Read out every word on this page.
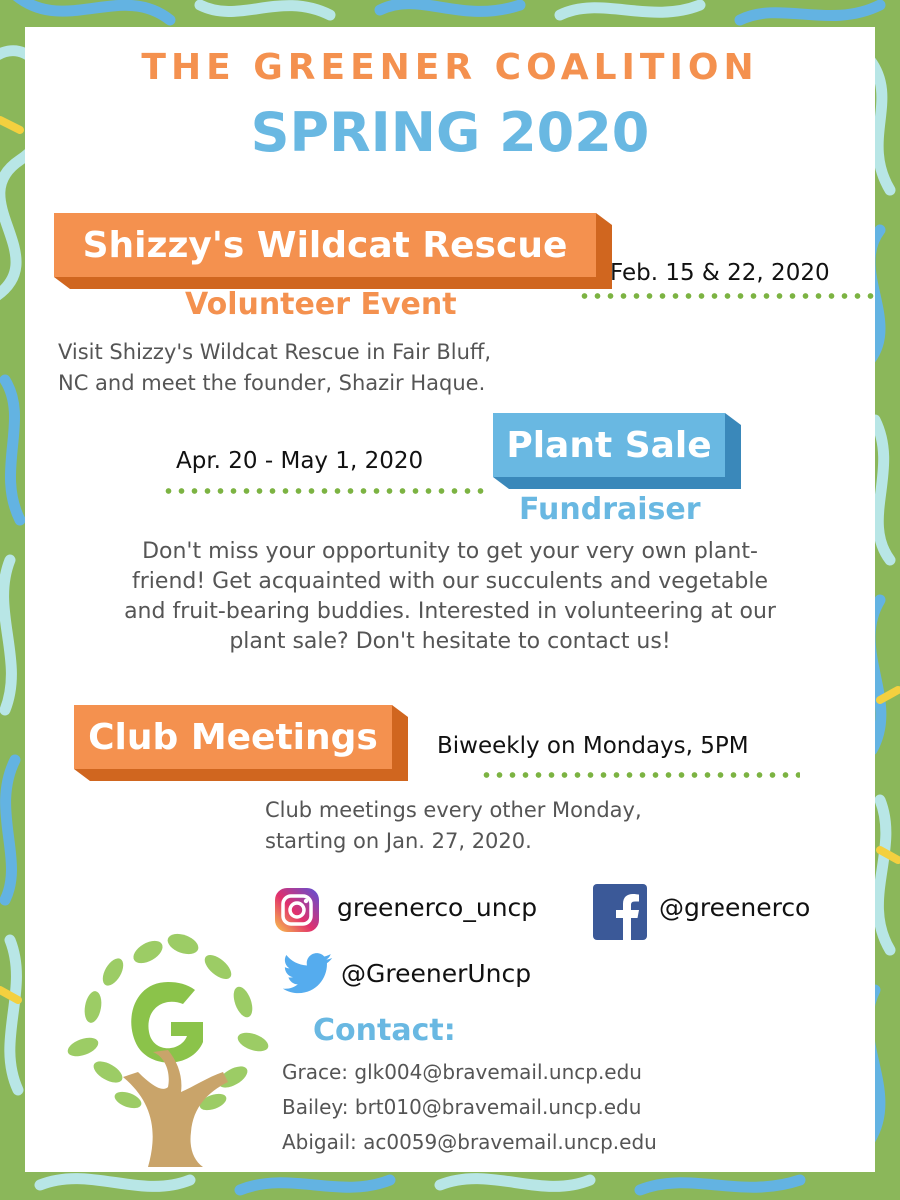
THE GREENER COALITION
SPRING 2020
Shizzy's Wildcat Rescue
Feb. 15 & 22, 2020
Volunteer Event
Visit Shizzy's Wildcat Rescue in Fair Bluff,
NC and meet the founder, Shazir Haque.
Apr. 20 - May 1, 2020	Plant Sale
Fundraiser
Don't miss your opportunity to get your very own plant-
friend! Get acquainted with our succulents and vegetable
and fruit-bearing buddies. Interested in volunteering at our
plant sale? Don't hesitate to contact us!
Club Meetings	Biweekly on Mondays, 5PM
Club meetings every other Monday,
starting on Jan. 27, 2020.
greenerco_uncp	@greenerco
@GreenerUncp
Contact:
Grace: glk004@bravemail.uncp.edu
Bailey: brt010@bravemail.uncp.edu
Abigail: ac0059@bravemail.uncp.edu
